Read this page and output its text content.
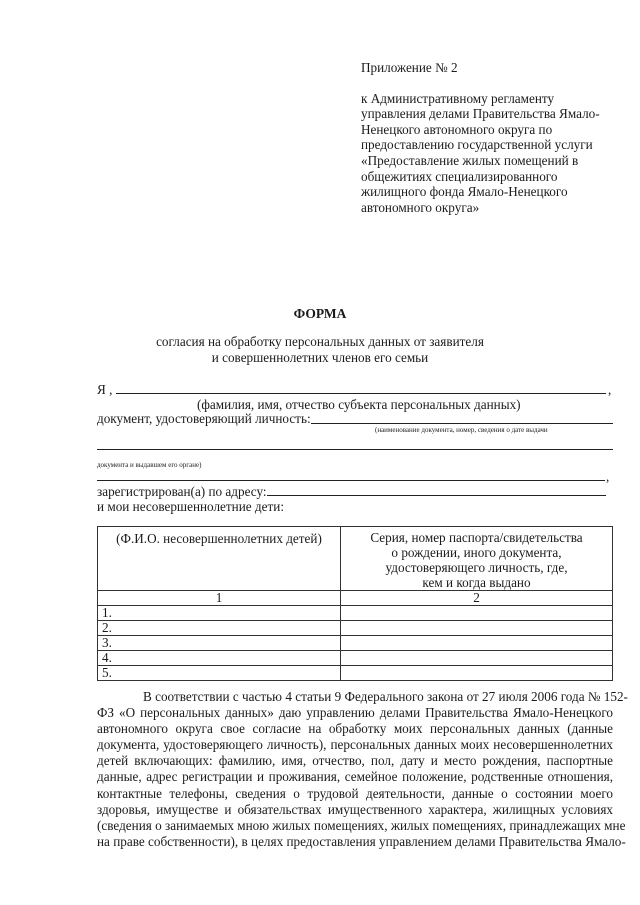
Приложение № 2
к Административному регламенту
управления делами Правительства Ямало-
Ненецкого автономного округа по
предоставлению государственной услуги
«Предоставление жилых помещений в
общежитиях специализированного
жилищного фонда Ямало-Ненецкого
автономного округа»
ФОРМА
согласия на обработку персональных данных от заявителя
и совершеннолетних членов его семьи
Я ,	,
(фамилия, имя, отчество субъекта персональных данных)
документ, удостоверяющий личность:
(наименование документа, номер, сведения о дате выдачи
документа и выдавшем его органе)
,
зарегистрирован(а) по адресу:
и мои несовершеннолетние дети:
(Ф.И.О. несовершеннолетних детей)	Серия, номер паспорта/свидетельства
о рождении, иного документа,
удостоверяющего личность, где,
кем и когда выдано

1	2
1.	
2.	
3.	
4.	
5.	
В соответствии с частью 4 статьи 9 Федерального закона от 27 июля 2006 года № 152-
ФЗ «О персональных данных» даю управлению делами Правительства Ямало-Ненецкого
автономного округа свое согласие на обработку моих персональных данных (данные
документа, удостоверяющего личность), персональных данных моих несовершеннолетних
детей включающих: фамилию, имя, отчество, пол, дату и место рождения, паспортные
данные, адрес регистрации и проживания, семейное положение, родственные отношения,
контактные телефоны, сведения о трудовой деятельности, данные о состоянии моего
здоровья, имуществе и обязательствах имущественного характера, жилищных условиях
(сведения о занимаемых мною жилых помещениях, жилых помещениях, принадлежащих мне
на праве собственности), в целях предоставления управлением делами Правительства Ямало-
